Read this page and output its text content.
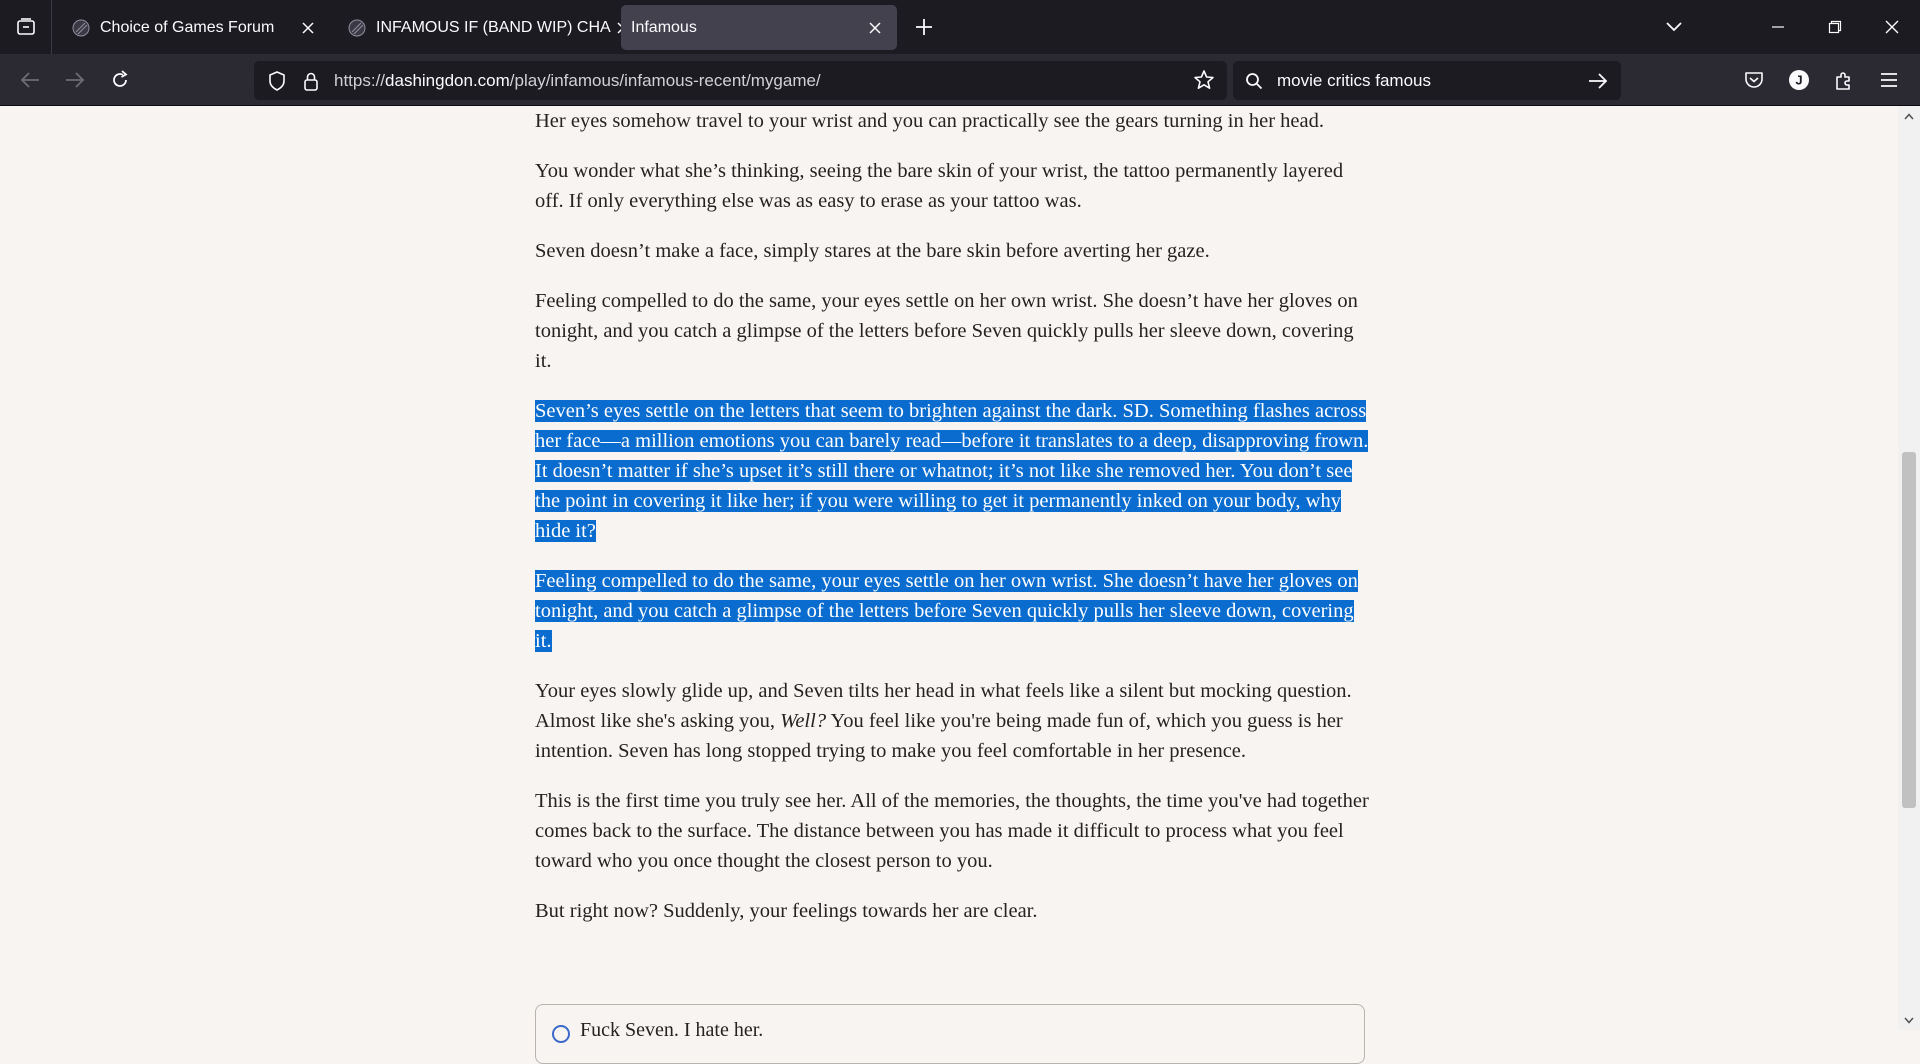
Choice of Games Forum	INFAMOUS IF (BAND WIP) CHA Infamous
https://dashingdon.com/play/infamous/infamous-recent/mygame/	movie critics famous	J

Her eyes somehow travel to your wrist and you can practically see the gears turning in her head.

You wonder what she’s thinking, seeing the bare skin of your wrist, the tattoo permanently layered off. If only everything else was as easy to erase as your tattoo was.

Seven doesn’t make a face, simply stares at the bare skin before averting her gaze.

Feeling compelled to do the same, your eyes settle on her own wrist. She doesn’t have her gloves on tonight, and you catch a glimpse of the letters before Seven quickly pulls her sleeve down, covering it.

Seven’s eyes settle on the letters that seem to brighten against the dark. SD. Something flashes across her face—a million emotions you can barely read—before it translates to a deep, disapproving frown. It doesn’t matter if she’s upset it’s still there or whatnot; it’s not like she removed her. You don’t see the point in covering it like her; if you were willing to get it permanently inked on your body, why hide it?

Feeling compelled to do the same, your eyes settle on her own wrist. She doesn’t have her gloves on tonight, and you catch a glimpse of the letters before Seven quickly pulls her sleeve down, covering it.

Your eyes slowly glide up, and Seven tilts her head in what feels like a silent but mocking question. Almost like she's asking you, Well? You feel like you're being made fun of, which you guess is her intention. Seven has long stopped trying to make you feel comfortable in her presence.

This is the first time you truly see her. All of the memories, the thoughts, the time you've had together comes back to the surface. The distance between you has made it difficult to process what you feel toward who you once thought the closest person to you.

But right now? Suddenly, your feelings towards her are clear.

Fuck Seven. I hate her.
